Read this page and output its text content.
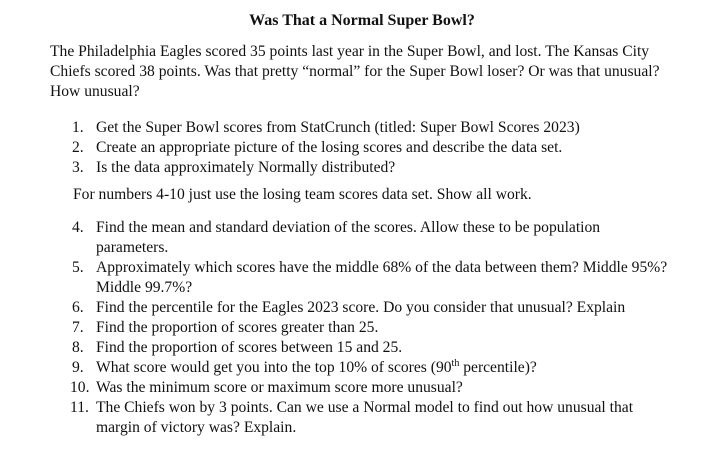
Was That a Normal Super Bowl?
The Philadelphia Eagles scored 35 points last year in the Super Bowl, and lost. The Kansas City Chiefs scored 38 points. Was that pretty “normal” for the Super Bowl loser? Or was that unusual? How unusual?
1. Get the Super Bowl scores from StatCrunch (titled: Super Bowl Scores 2023)
2. Create an appropriate picture of the losing scores and describe the data set.
3. Is the data approximately Normally distributed?
For numbers 4-10 just use the losing team scores data set. Show all work.
4. Find the mean and standard deviation of the scores. Allow these to be population parameters.
5. Approximately which scores have the middle 68% of the data between them? Middle 95%? Middle 99.7%?
6. Find the percentile for the Eagles 2023 score. Do you consider that unusual? Explain
7. Find the proportion of scores greater than 25.
8. Find the proportion of scores between 15 and 25.
9. What score would get you into the top 10% of scores (90th percentile)?
10. Was the minimum score or maximum score more unusual?
11. The Chiefs won by 3 points. Can we use a Normal model to find out how unusual that margin of victory was? Explain.
